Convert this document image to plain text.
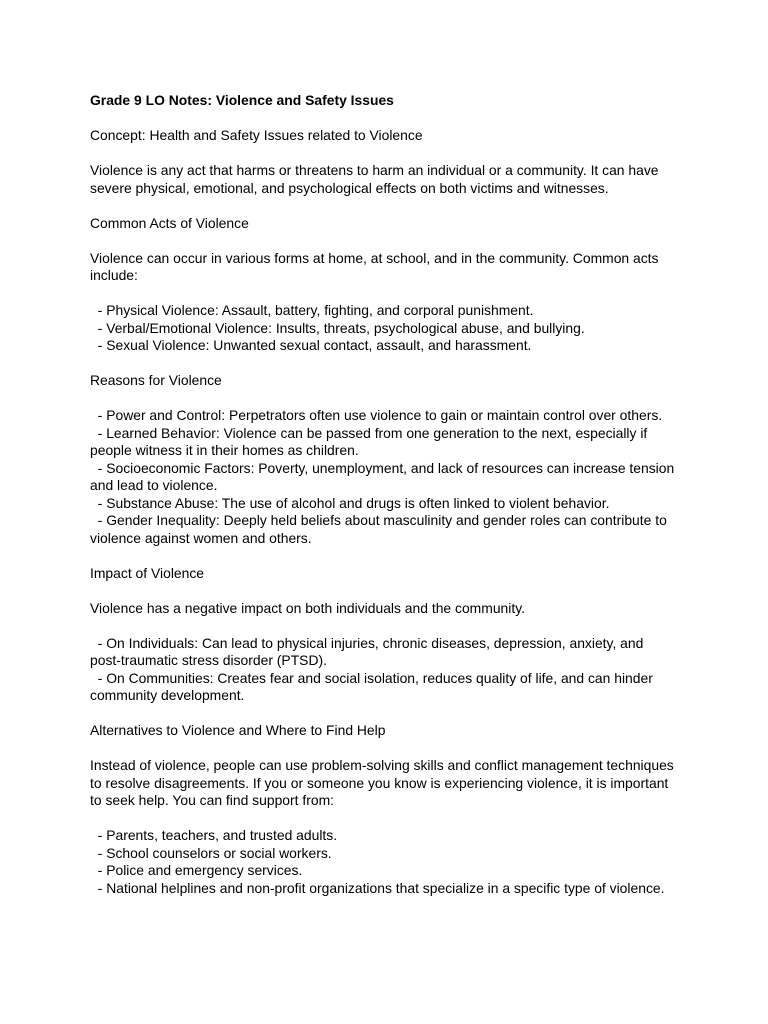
Grade 9 LO Notes: Violence and Safety Issues

Concept: Health and Safety Issues related to Violence

Violence is any act that harms or threatens to harm an individual or a community. It can have

severe physical, emotional, and psychological effects on both victims and witnesses.

Common Acts of Violence

Violence can occur in various forms at home, at school, and in the community. Common acts

include:

- Physical Violence: Assault, battery, fighting, and corporal punishment.

- Verbal/Emotional Violence: Insults, threats, psychological abuse, and bullying.

- Sexual Violence: Unwanted sexual contact, assault, and harassment.

Reasons for Violence

- Power and Control: Perpetrators often use violence to gain or maintain control over others.

- Learned Behavior: Violence can be passed from one generation to the next, especially if

people witness it in their homes as children.

- Socioeconomic Factors: Poverty, unemployment, and lack of resources can increase tension

and lead to violence.

- Substance Abuse: The use of alcohol and drugs is often linked to violent behavior.

- Gender Inequality: Deeply held beliefs about masculinity and gender roles can contribute to

violence against women and others.

Impact of Violence

Violence has a negative impact on both individuals and the community.

- On Individuals: Can lead to physical injuries, chronic diseases, depression, anxiety, and

post-traumatic stress disorder (PTSD).

- On Communities: Creates fear and social isolation, reduces quality of life, and can hinder

community development.

Alternatives to Violence and Where to Find Help

Instead of violence, people can use problem-solving skills and conflict management techniques

to resolve disagreements. If you or someone you know is experiencing violence, it is important

to seek help. You can find support from:

- Parents, teachers, and trusted adults.

- School counselors or social workers.

- Police and emergency services.

- National helplines and non-profit organizations that specialize in a specific type of violence.
